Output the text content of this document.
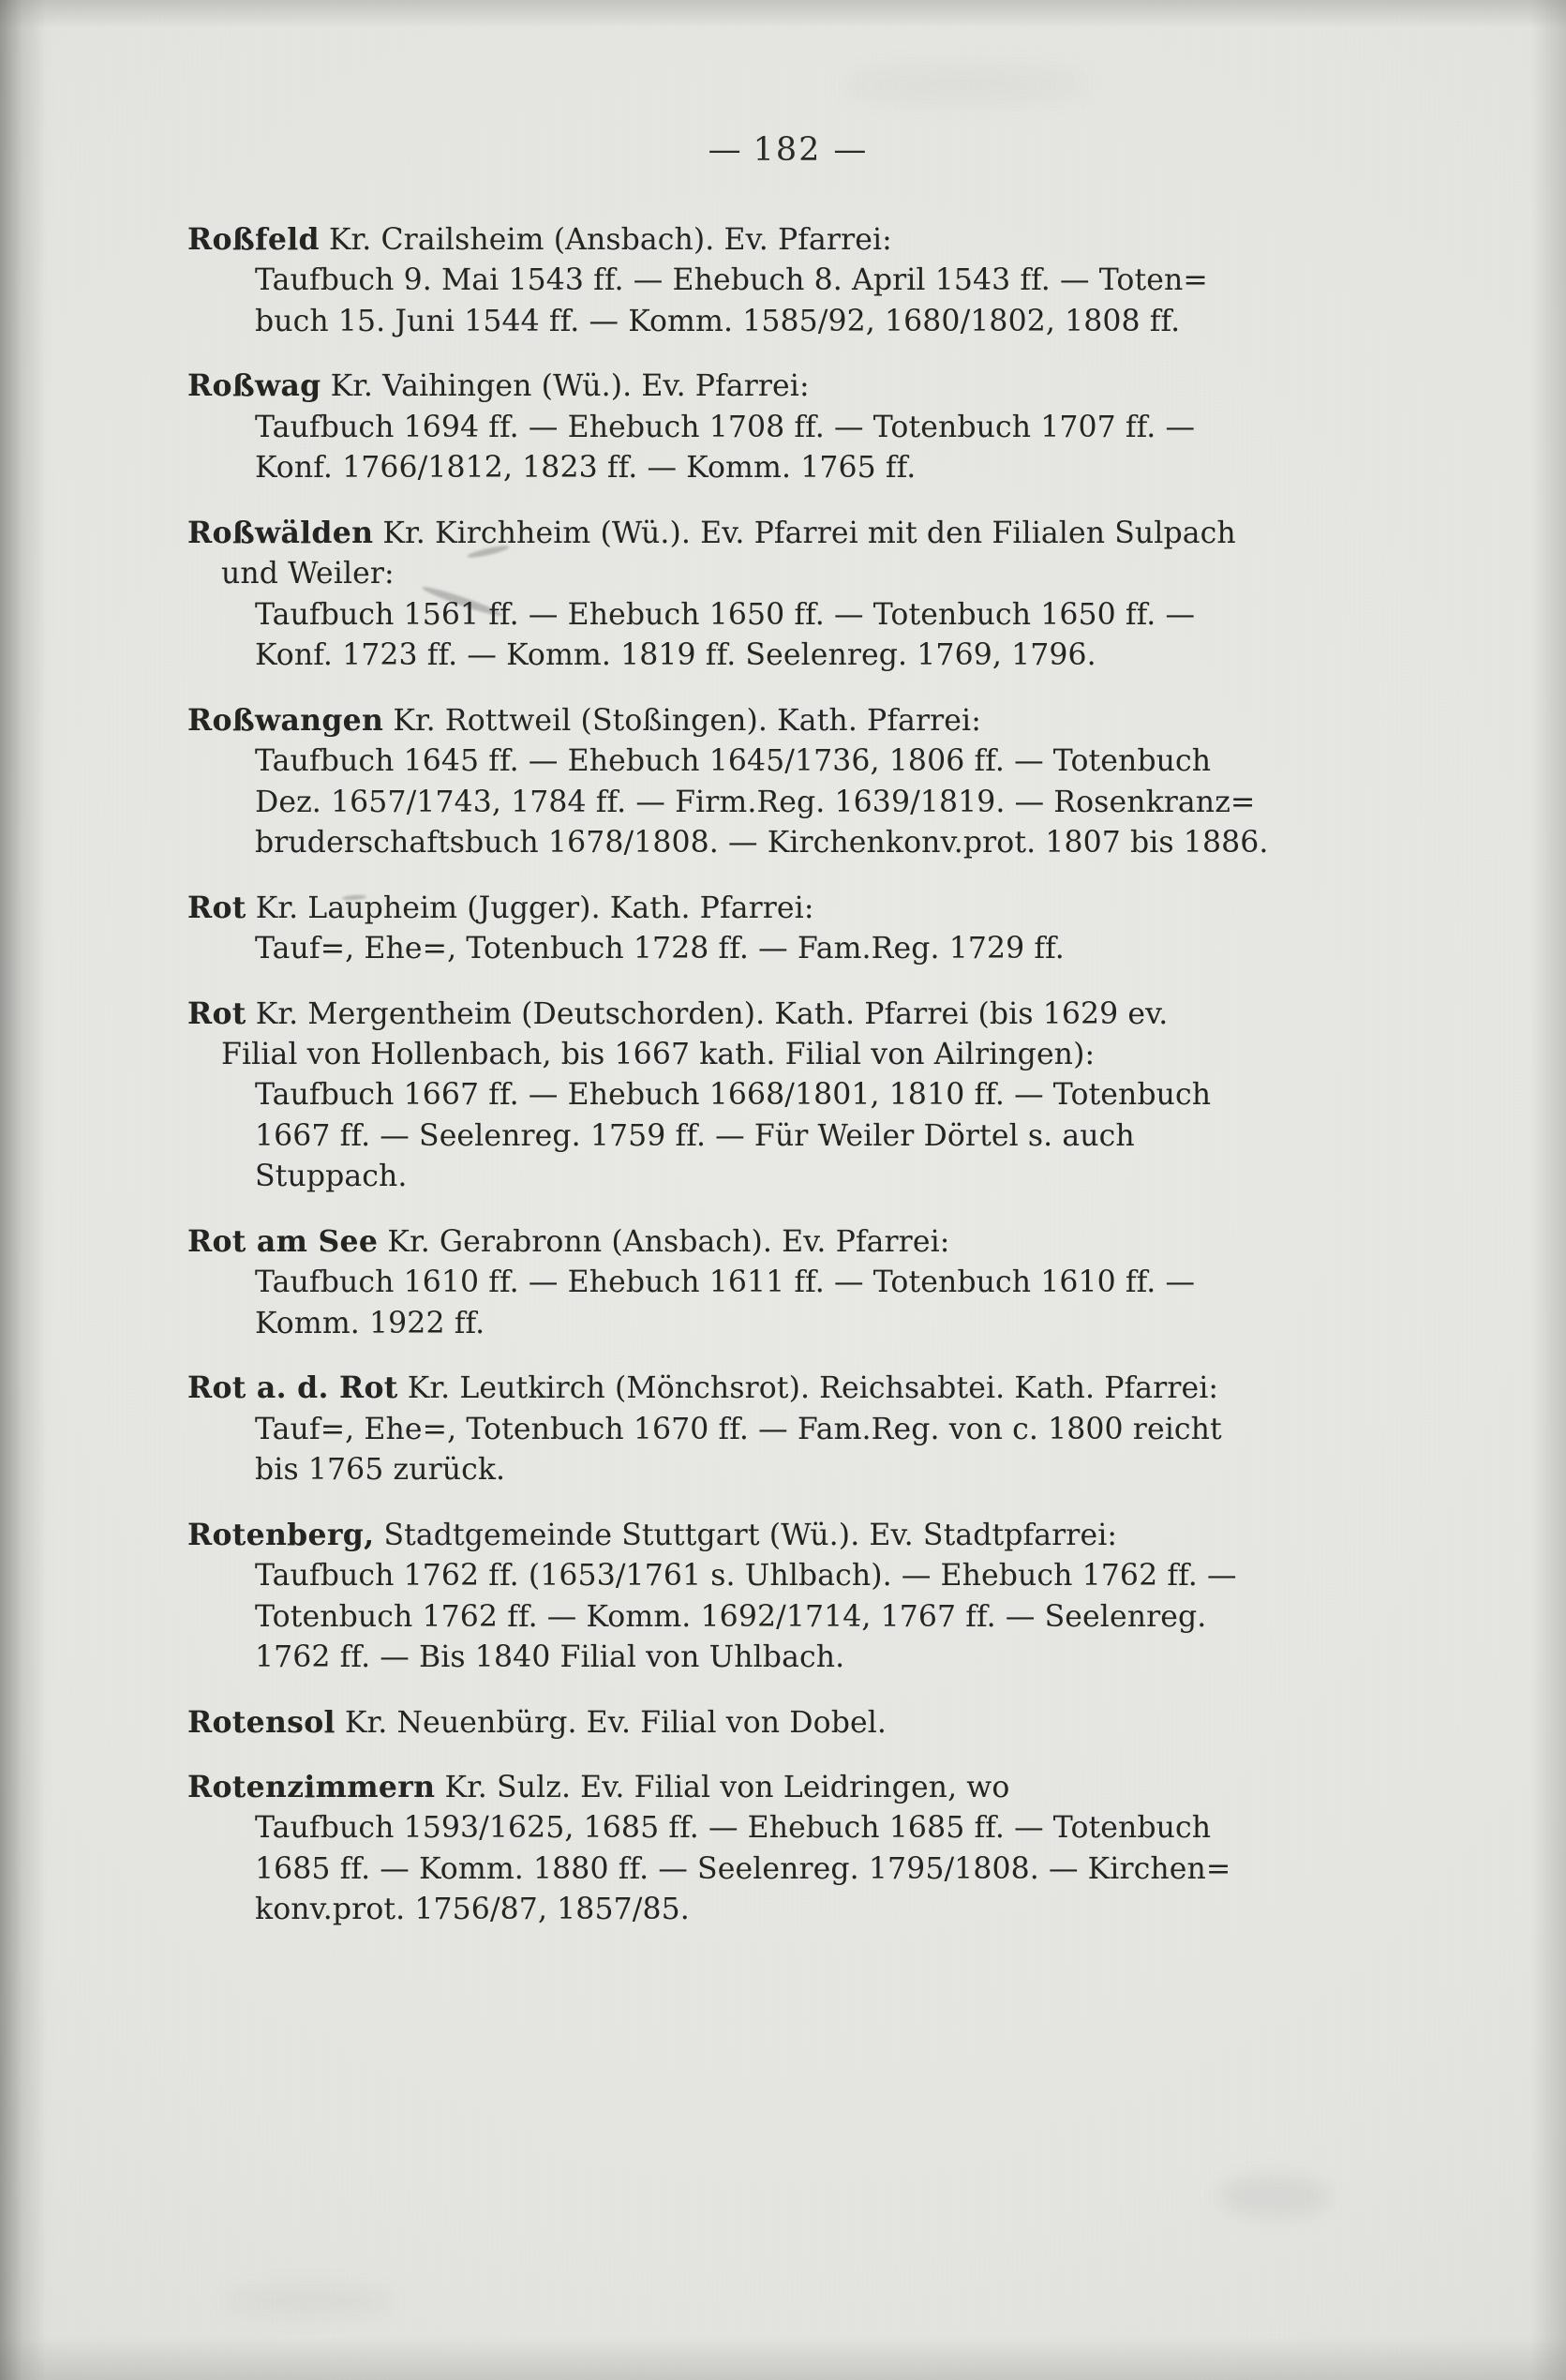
— 182 —
Roßfeld Kr. Crailsheim (Ansbach). Ev. Pfarrei:
Taufbuch 9. Mai 1543 ff. — Ehebuch 8. April 1543 ff. — Toten=
buch 15. Juni 1544 ff. — Komm. 1585/92, 1680/1802, 1808 ff.
Roßwag Kr. Vaihingen (Wü.). Ev. Pfarrei:
Taufbuch 1694 ff. — Ehebuch 1708 ff. — Totenbuch 1707 ff. —
Konf. 1766/1812, 1823 ff. — Komm. 1765 ff.
Roßwälden Kr. Kirchheim (Wü.). Ev. Pfarrei mit den Filialen Sulpach
und Weiler:
Taufbuch 1561 ff. — Ehebuch 1650 ff. — Totenbuch 1650 ff. —
Konf. 1723 ff. — Komm. 1819 ff. Seelenreg. 1769, 1796.
Roßwangen Kr. Rottweil (Stoßingen). Kath. Pfarrei:
Taufbuch 1645 ff. — Ehebuch 1645/1736, 1806 ff. — Totenbuch
Dez. 1657/1743, 1784 ff. — Firm.Reg. 1639/1819. — Rosenkranz=
bruderschaftsbuch 1678/1808. — Kirchenkonv.prot. 1807 bis 1886.
Rot Kr. Laupheim (Jugger). Kath. Pfarrei:
Tauf=, Ehe=, Totenbuch 1728 ff. — Fam.Reg. 1729 ff.
Rot Kr. Mergentheim (Deutschorden). Kath. Pfarrei (bis 1629 ev.
Filial von Hollenbach, bis 1667 kath. Filial von Ailringen):
Taufbuch 1667 ff. — Ehebuch 1668/1801, 1810 ff. — Totenbuch
1667 ff. — Seelenreg. 1759 ff. — Für Weiler Dörtel s. auch
Stuppach.
Rot am See Kr. Gerabronn (Ansbach). Ev. Pfarrei:
Taufbuch 1610 ff. — Ehebuch 1611 ff. — Totenbuch 1610 ff. —
Komm. 1922 ff.
Rot a. d. Rot Kr. Leutkirch (Mönchsrot). Reichsabtei. Kath. Pfarrei:
Tauf=, Ehe=, Totenbuch 1670 ff. — Fam.Reg. von c. 1800 reicht
bis 1765 zurück.
Rotenberg, Stadtgemeinde Stuttgart (Wü.). Ev. Stadtpfarrei:
Taufbuch 1762 ff. (1653/1761 s. Uhlbach). — Ehebuch 1762 ff. —
Totenbuch 1762 ff. — Komm. 1692/1714, 1767 ff. — Seelenreg.
1762 ff. — Bis 1840 Filial von Uhlbach.
Rotensol Kr. Neuenbürg. Ev. Filial von Dobel.
Rotenzimmern Kr. Sulz. Ev. Filial von Leidringen, wo
Taufbuch 1593/1625, 1685 ff. — Ehebuch 1685 ff. — Totenbuch
1685 ff. — Komm. 1880 ff. — Seelenreg. 1795/1808. — Kirchen=
konv.prot. 1756/87, 1857/85.
